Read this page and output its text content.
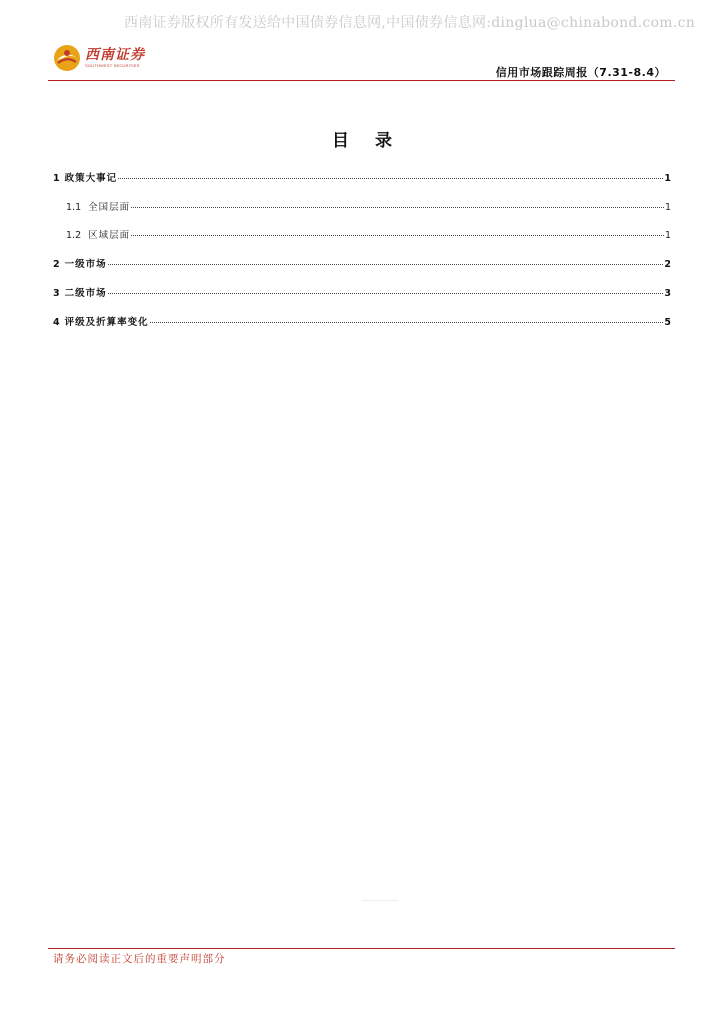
西南证券版权所有发送给中国债券信息网,中国债券信息网:dinglua@chinabond.com.cn
西南证券
SOUTHWEST SECURITIES
信用市场跟踪周报（7.31-8.4）
目 录
1 政策大事记	1
1.1 全国层面	1
1.2 区域层面	1
2 一级市场	2
3 二级市场	3
4 评级及折算率变化	5
请务必阅读正文后的重要声明部分
